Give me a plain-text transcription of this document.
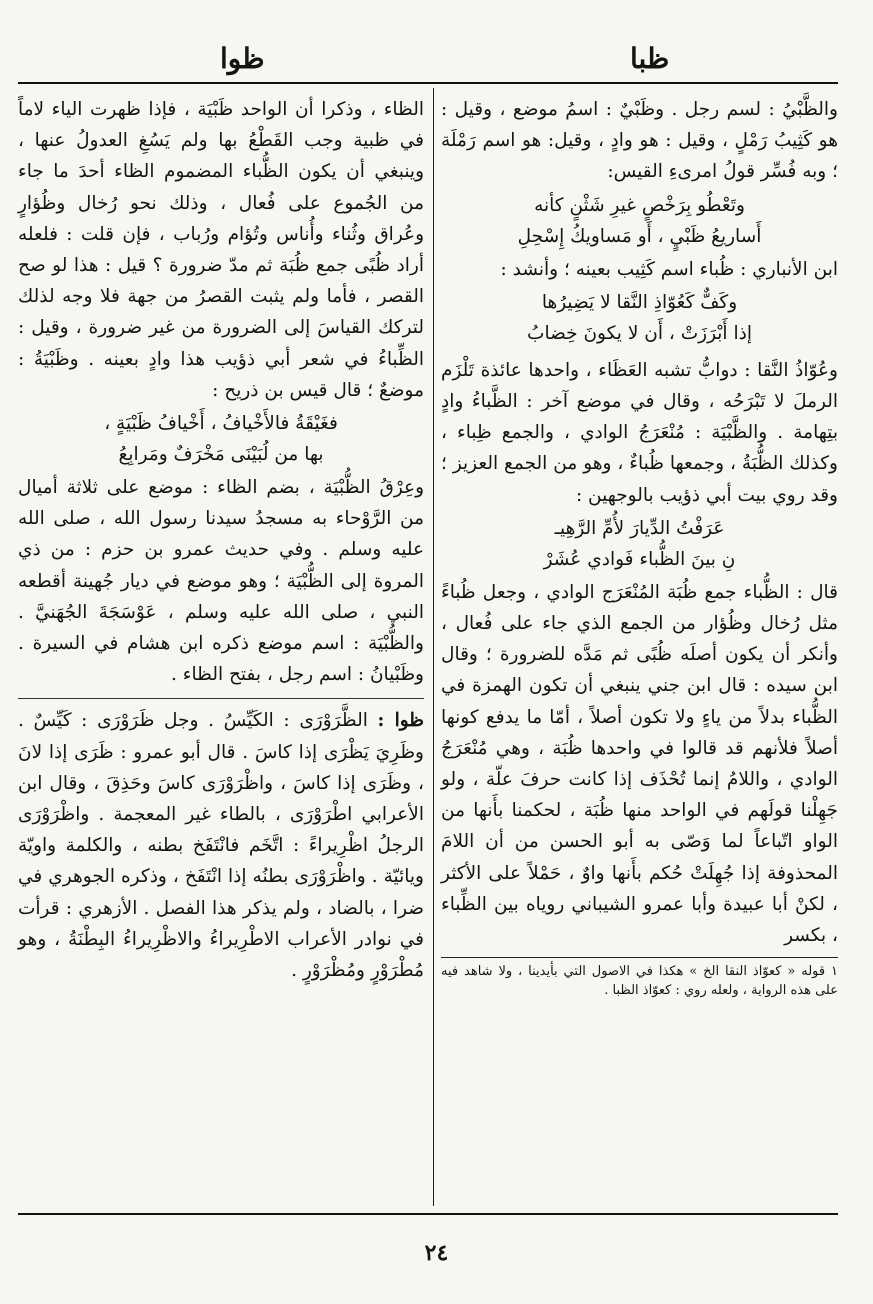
ظوا	ظبا

والظَّبْيُ : لسم رجل . وظَبْيٌ : اسمُ موضع ، وقيل : هو كَثِيبُ رَمْلٍ ، وقيل : هو وادٍ ، وقيل: هو اسم رَمْلَة ؛ وبه فُسِّر قولُ امرىءِ القيس:

وتَعْطُو بِرَخْصٍ غيرِ شَثْنٍ كأنه
أَساريعُ ظَبْيٍ ، أَو مَساويكُ إِسْحِلِ

ابن الأنباري : ظُباء اسم كَثِيب بعينه ؛ وأنشد :

وكَفٌّ كَعُوّاذِ النَّقا لا يَضِيرُها
إذا أَبْرَزَتْ ، أَن لا يكونَ خِضابُ

وعُوّاذُ النَّقا : دوابُّ تشبه العَظَاء ، واحدها عائذة تَلْزَم الرملَ لا تَبْرَحُه ، وقال في موضع آخر : الظَّباءُ وادٍ بتِهامة . والظَّبْيَة : مُنْعَرَجُ الوادي ، والجمع ظِباء ، وكذلك الظُّبَةُ ، وجمعها ظُباءٌ ، وهو من الجمع العزيز ؛ وقد روي بيت أبي ذؤيب بالوجهين :

عَرَفْتُ الدِّيارَ لأُمِّ الرَّهِيـ
نِ بينَ الظُّباء فَوادي عُشَرْ

قال : الظُّباء جمع ظُبَة المُنْعَرَج الوادي ، وجعل ظُباءً مثل رُخال وظُؤار من الجمع الذي جاء على فُعال ، وأنكر أن يكون أصلَه ظُبًى ثم مَدَّه للضرورة ؛ وقال ابن سيده : قال ابن جني ينبغي أن تكون الهمزة في الظُّباء بدلاً من ياءٍ ولا تكون أصلاً ، أمّا ما يدفع كونها أصلاً فلأنهم قد قالوا في واحدها ظُبَة ، وهي مُنْعَرَجُ الوادي ، واللامُ إنما تُحْذَف إذا كانت حرفَ علّة ، ولو جَهِلْنا قولَهم في الواحد منها ظُبَة ، لحكمنا بأَنها من الواو اتّباعاً لما وَصّى به أبو الحسن من أن اللامَ المحذوفة إذا جُهِلَتْ حُكم بأَنها واوٌ ، حَمْلاً على الأكثر ، لكنْ أبا عبيدة وأبا عمرو الشيباني روياه بين الظِّباء ، بكسر

١ قوله « كعوّاذ النقا الخ » هكذا في الاصول التي بأيدينا ، ولا شاهد فيه على هذه الرواية ، ولعله روي : كعوّاذ الظبا .

الظاء ، وذكرا أن الواحد ظَبْيَة ، فإذا ظهرت الياء لاماً في ظبية وجب القَطْعُ بها ولم يَسُغِ العدولُ عنها ، وينبغي أن يكون الظُّباء المضموم الظاء أحدَ ما جاء من الجُموع على فُعال ، وذلك نحو رُخال وظُؤارٍ وعُراق وثُناء وأُناس وتُؤام ورُباب ، فإن قلت : فلعله أراد ظُبًى جمع ظُبَة ثم مدّ ضرورة ؟ قيل : هذا لو صح القصر ، فأما ولم يثبت القصرُ من جهة فلا وجه لذلك لتركك القياسَ إلى الضرورة من غير ضرورة ، وقيل : الظِّباءُ في شعر أبي ذؤيب هذا وادٍ بعينه . وظَبْيَةُ : موضعٌ ؛ قال قيس بن ذريح :

فغَيْقَةُ فالأَخْيافُ ، أَخْيافُ ظَبْيَةٍ ،
بها من لُبَيْنَى مَخْرَفٌ ومَرابِعُ

وعِرْقُ الظُّبْيَة ، بضم الظاء : موضع على ثلاثة أميال من الرَّوْحاء به مسجدُ سيدنا رسول الله ، صلى الله عليه وسلم . وفي حديث عمرو بن حزم : من ذي المروة إلى الظُّبْيَة ؛ وهو موضع في ديار جُهينة أقطعه النبي ، صلى الله عليه وسلم ، عَوْسَجَةَ الجُهَنيَّ . والظُّبْيَة : اسم موضع ذكره ابن هشام في السيرة . وظَبْيانُ : اسم رجل ، بفتح الظاء .

ظوا : الظَّرَوْرَى : الكَيِّسُ . وجل ظَرَوْرَى : كَيِّسٌ . وظَرِيَ يَظْرَى إذا كاسَ . قال أبو عمرو : ظَرَى إذا لانَ ، وظَرَى إذا كاسَ ، واظْرَوْرَى كاسَ وحَذِقَ ، وقال ابن الأعرابي اطْرَوْرَى ، بالطاء غير المعجمة . واظْرَوْرَى الرجلُ اظْرِيراءً : اتَّخَم فانْتَفَخ بطنه ، والكلمة واويّة ويائيّة . واظْرَوْرَى بطنُه إذا انْتَفَخ ، وذكره الجوهري في ضرا ، بالضاد ، ولم يذكر هذا الفصل . الأزهري : قرأت في نوادر الأعراب الاطْرِيراءُ والاظْرِيراءُ البِطْنَةُ ، وهو مُطْرَوْرٍ ومُظْرَوْرٍ .

٢٤
